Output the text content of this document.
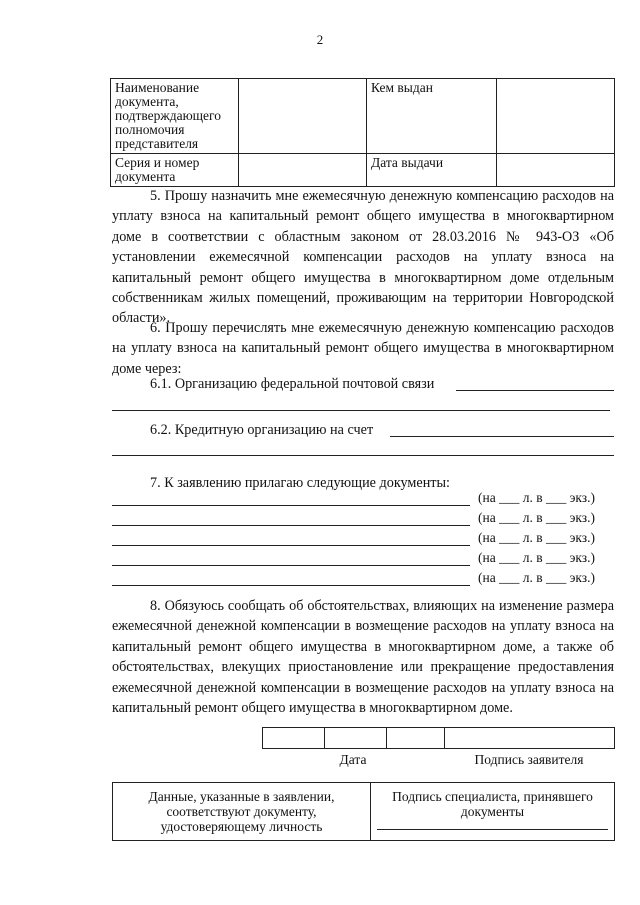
2
Наименование документа, подтверждающего полномочия представителя		Кем выдан	
Серия и номер документа		Дата выдачи	
5. Прошу назначить мне ежемесячную денежную компенсацию расходов на уплату взноса на капитальный ремонт общего имущества в многоквартирном доме в соответствии с областным законом от 28.03.2016 № 943-ОЗ «Об установлении ежемесячной компенсации расходов на уплату взноса на капитальный ремонт общего имущества в многоквартирном доме отдельным собственникам жилых помещений, проживающим на территории Новгородской области».
6. Прошу перечислять мне ежемесячную денежную компенсацию расходов на уплату взноса на капитальный ремонт общего имущества в многоквартирном доме через:
6.1. Организацию федеральной почтовой связи
6.2. Кредитную организацию на счет
7. К заявлению прилагаю следующие документы:
(на ___ л. в ___ экз.)
(на ___ л. в ___ экз.)
(на ___ л. в ___ экз.)
(на ___ л. в ___ экз.)
(на ___ л. в ___ экз.)
8. Обязуюсь сообщать об обстоятельствах, влияющих на изменение размера ежемесячной денежной компенсации в возмещение расходов на уплату взноса на капитальный ремонт общего имущества в многоквартирном доме, а также об обстоятельствах, влекущих приостановление или прекращение предоставления ежемесячной денежной компенсации в возмещение расходов на уплату взноса на капитальный ремонт общего имущества в многоквартирном доме.

Дата	Подпись заявителя
Данные, указанные в заявлении, соответствуют документу, удостоверяющему личность	Подпись специалиста, принявшего документы
